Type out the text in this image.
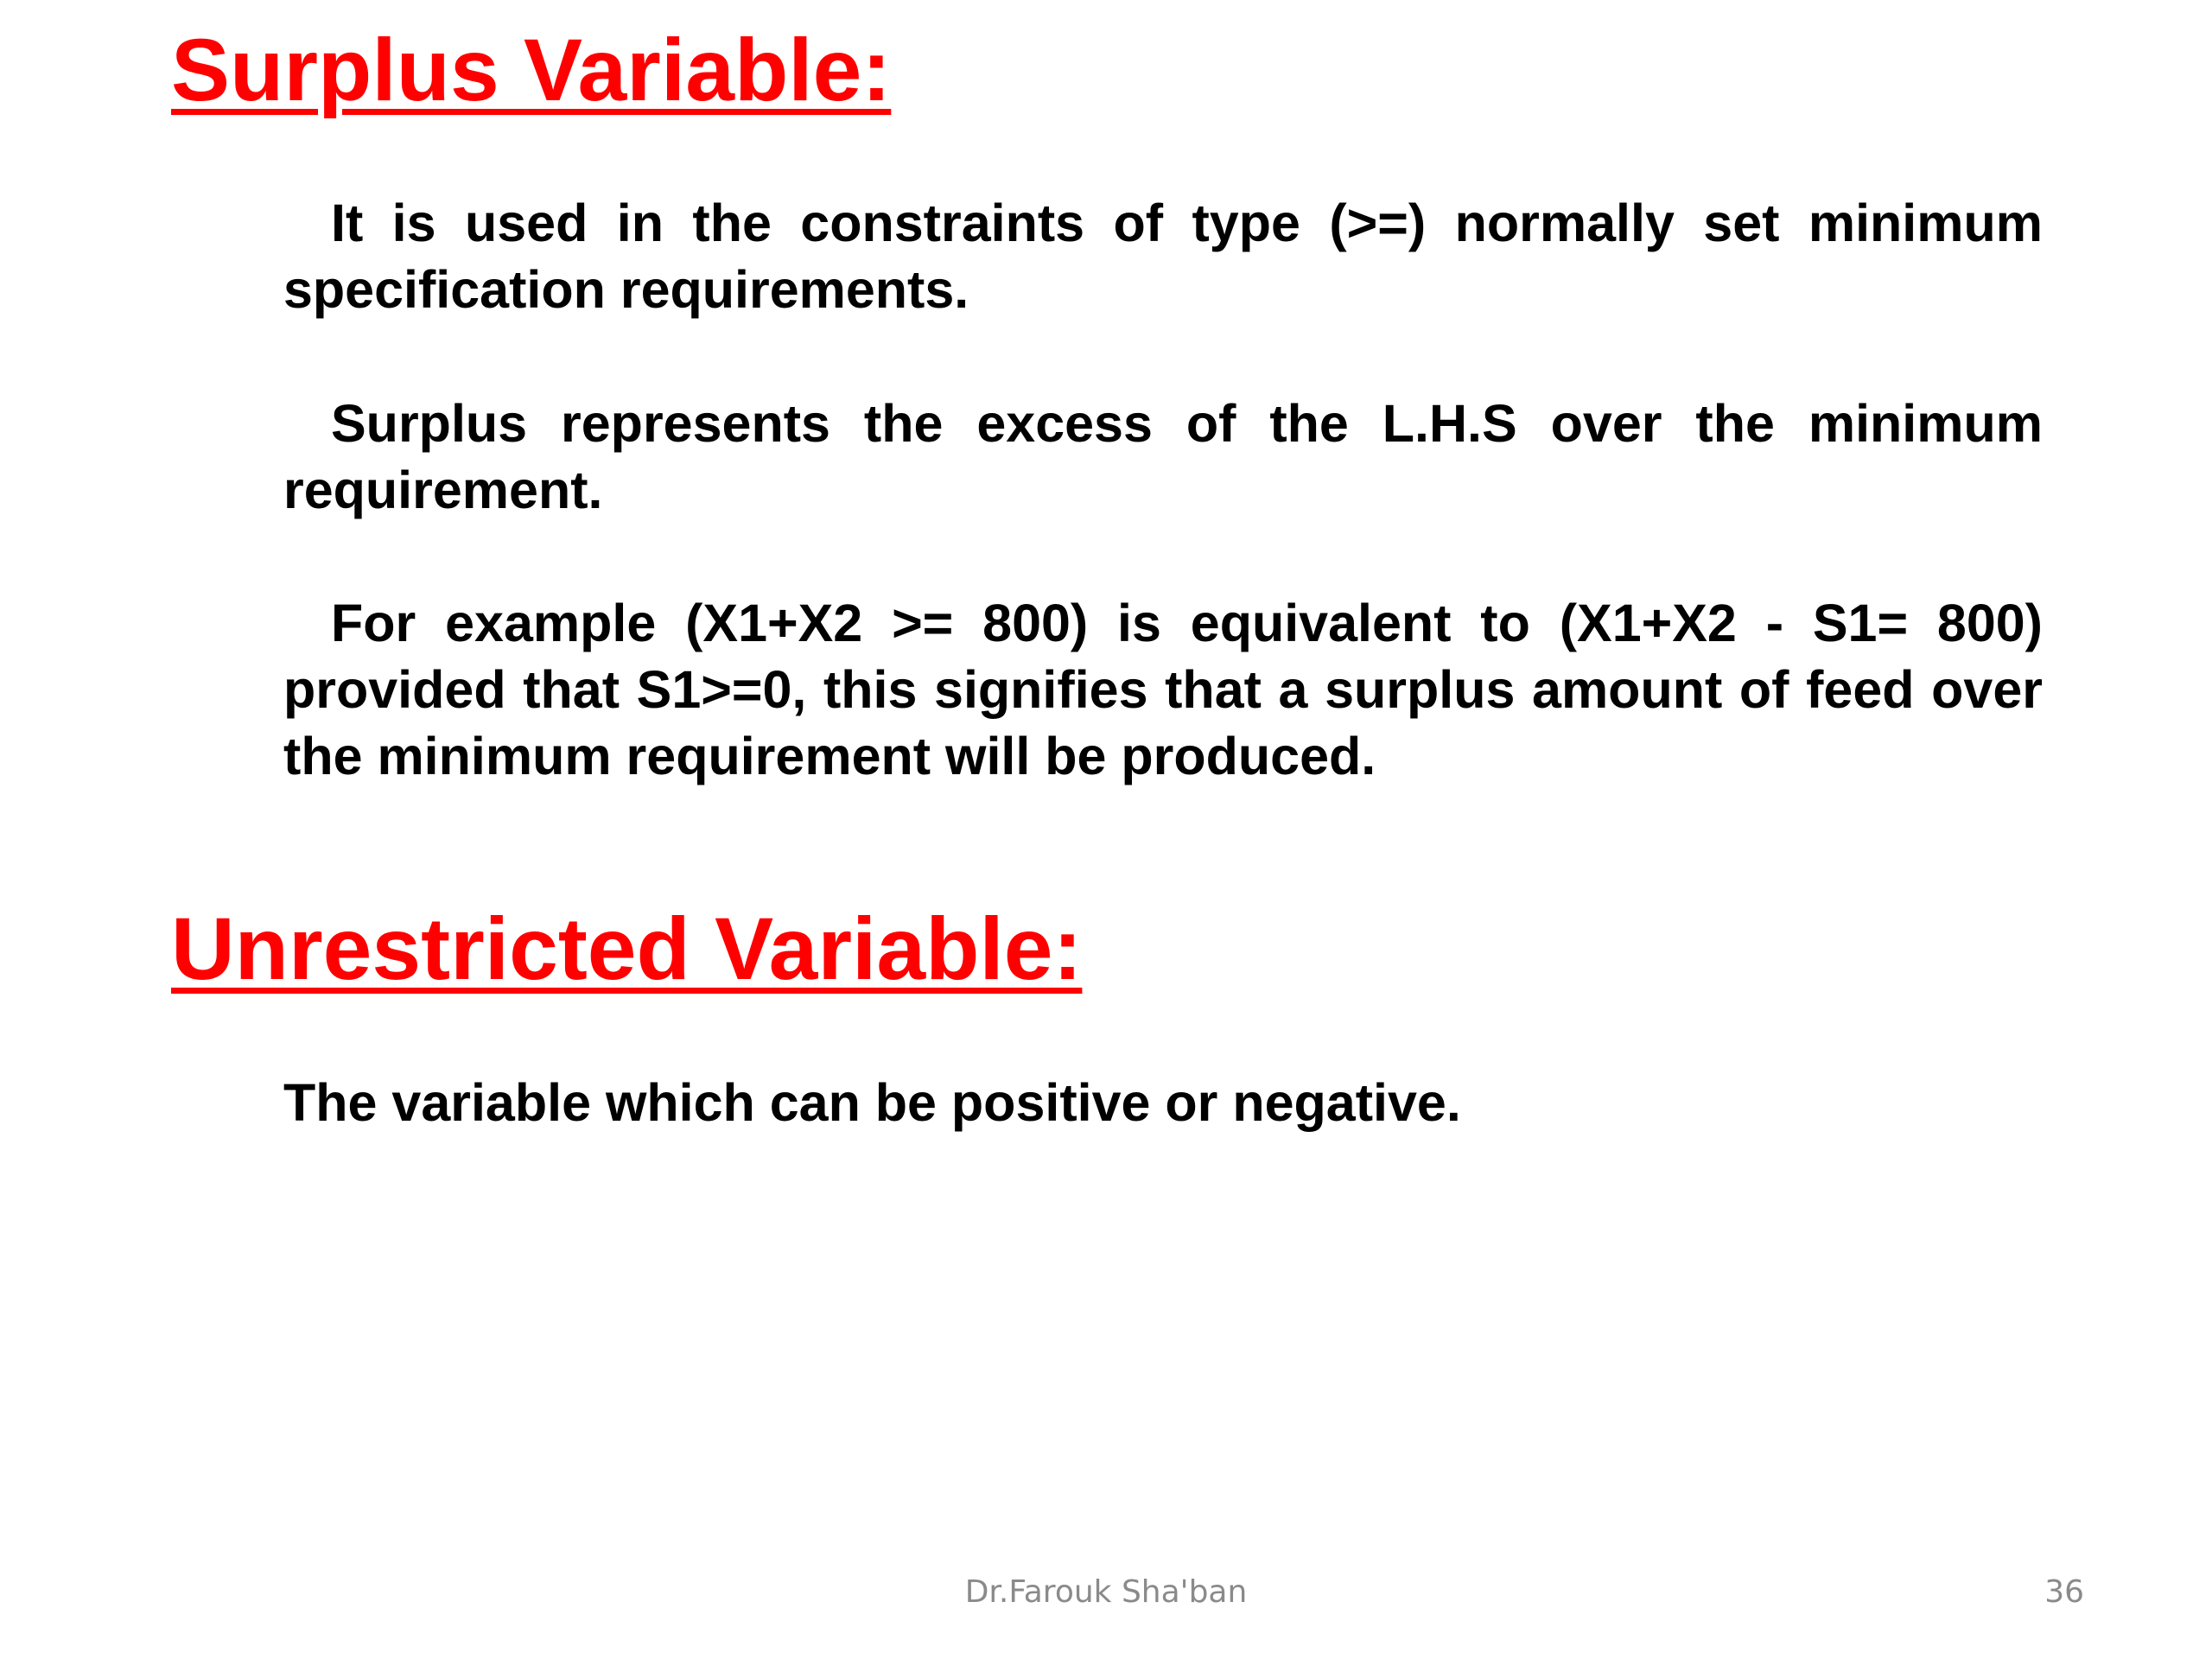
Surplus Variable:

It is used in the constraints of type (>=) normally set minimum specification requirements.

Surplus represents the excess of the L.H.S over the minimum requirement.

For example (X1+X2 >= 800) is equivalent to (X1+X2 - S1= 800) provided that S1>=0, this signifies that a surplus amount of feed over the minimum requirement will be produced.

Unrestricted Variable:

The variable which can be positive or negative.

Dr.Farouk Sha'ban	36
